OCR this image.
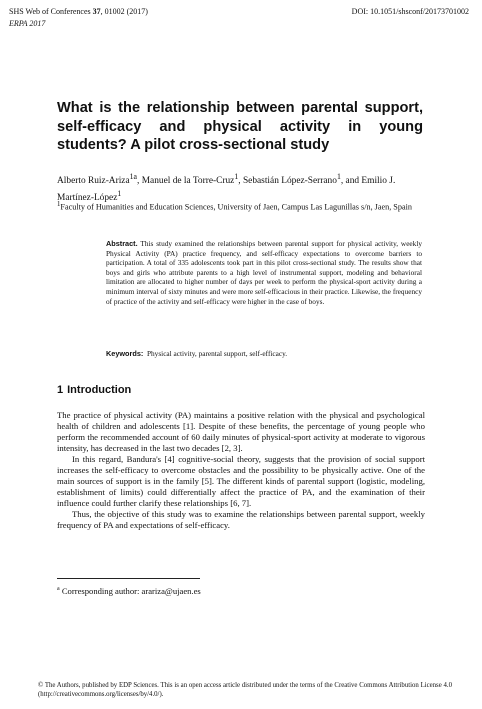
SHS Web of Conferences 37, 01002 (2017)	DOI: 10.1051/shsconf/20173701002
ERPA 2017
What is the relationship between parental support, self-efficacy and physical activity in young students? A pilot cross-sectional study

Alberto Ruiz-Ariza$^{1a}$, Manuel de la Torre-Cruz$^1$, Sebastián López-Serrano$^1$, and Emilio J. Martínez-López$^1$

$^1$Faculty of Humanities and Education Sciences, University of Jaen, Campus Las Lagunillas s/n, Jaen, Spain

Abstract. This study examined the relationships between parental support for physical activity, weekly Physical Activity (PA) practice frequency, and self-efficacy expectations to overcome barriers to participation. A total of 335 adolescents took part in this pilot cross-sectional study. The results show that boys and girls who attribute parents to a high level of instrumental support, modeling and behavioral limitation are allocated to higher number of days per week to perform the physical-sport activity during a minimum interval of sixty minutes and were more self-efficacious in their practice. Likewise, the frequency of practice of the activity and self-efficacy were higher in the case of boys.

Keywords: Physical activity, parental support, self-efficacy.

1 Introduction

The practice of physical activity (PA) maintains a positive relation with the physical and psychological health of children and adolescents [1]. Despite of these benefits, the percentage of young people who perform the recommended account of 60 daily minutes of physical-sport activity at moderate to vigorous intensity, has decreased in the last two decades [2, 3].

In this regard, Bandura's [4] cognitive-social theory, suggests that the provision of social support increases the self-efficacy to overcome obstacles and the possibility to be physically active. One of the main sources of support is in the family [5]. The different kinds of parental support (logistic, modeling, establishment of limits) could differentially affect the practice of PA, and the examination of their influence could further clarify these relationships [6, 7].

Thus, the objective of this study was to examine the relationships between parental support, weekly frequency of PA and expectations of self-efficacy.

$^a$ Corresponding author: arariza@ujaen.es

© The Authors, published by EDP Sciences. This is an open access article distributed under the terms of the Creative Commons Attribution License 4.0 (http://creativecommons.org/licenses/by/4.0/).
